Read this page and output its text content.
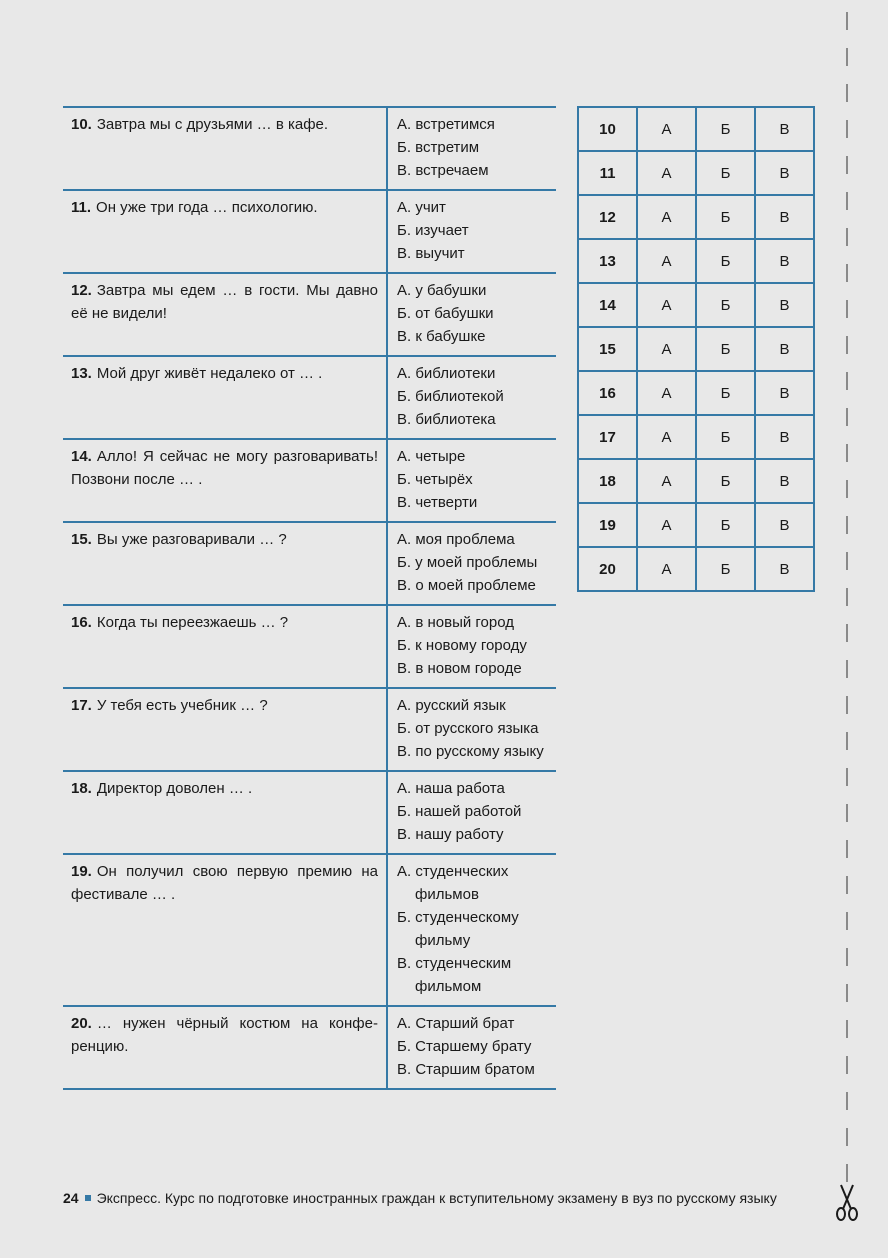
10. Завтра мы с друзьями … в кафе.	А. встретимся
Б. встретим
В. встречаем

11. Он уже три года … психологию.	А. учит
Б. изучает
В. выучит

12. Завтра мы едем … в гости. Мы давно её не видели!	А. у бабушки
Б. от бабушки
В. к бабушке

13. Мой друг живёт недалеко от … .	А. библиотеки
Б. библиотекой
В. библиотека

14. Алло! Я сейчас не могу разговаривать! Позвони после … .	А. четыре
Б. четырёх
В. четверти

15. Вы уже разговаривали … ?	А. моя проблема
Б. у моей проблемы
В. о моей проблеме

16. Когда ты переезжаешь … ?	А. в новый город
Б. к новому городу
В. в новом городе

17. У тебя есть учебник … ?	А. русский язык
Б. от русского языка
В. по русскому языку

18. Директор доволен … .	А. наша работа
Б. нашей работой
В. нашу работу

19. Он получил свою первую премию на фестивале … .	А. студенческих фильмов
Б. студенческому фильму
В. студенческим фильмом

20. … нужен чёрный костюм на конференцию.	А. Старший брат
Б. Старшему брату
В. Старшим братом
10	А	Б	В
11	А	Б	В
12	А	Б	В
13	А	Б	В
14	А	Б	В
15	А	Б	В
16	А	Б	В
17	А	Б	В
18	А	Б	В
19	А	Б	В
20	А	Б	В
24 Экспресс. Курс по подготовке иностранных граждан к вступительному экзамену в вуз по русскому языку
